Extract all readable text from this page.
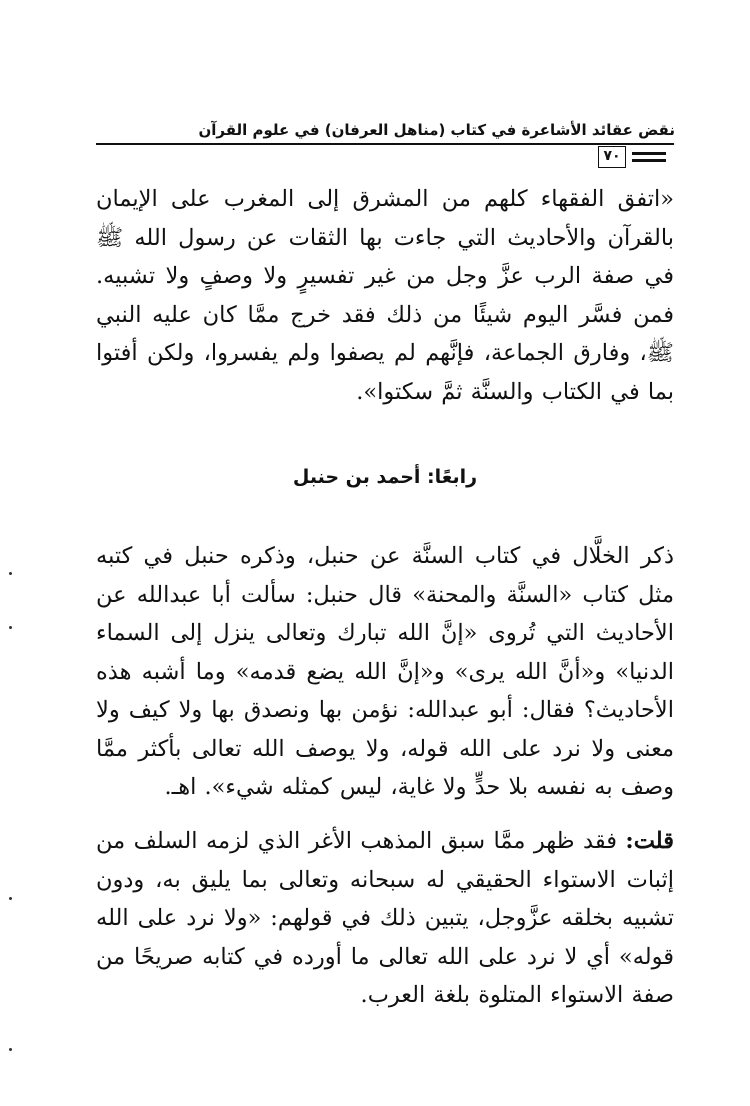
نقض عقائد الأشاعرة في كتاب (مناهل العرفان) في علوم القرآن
٧٠

«اتفق الفقهاء كلهم من المشرق إلى المغرب على الإيمان بالقرآن والأحاديث التي جاءت بها الثقات عن رسول الله ﷺ في صفة الرب عزَّ وجل من غير تفسيرٍ ولا وصفٍ ولا تشبيه. فمن فسَّر اليوم شيئًا من ذلك فقد خرج ممَّا كان عليه النبي ﷺ، وفارق الجماعة، فإنَّهم لم يصفوا ولم يفسروا، ولكن أفتوا بما في الكتاب والسنَّة ثمَّ سكتوا».

رابعًا: أحمد بن حنبل

ذكر الخلَّال في كتاب السنَّة عن حنبل، وذكره حنبل في كتبه مثل كتاب «السنَّة والمحنة» قال حنبل: سألت أبا عبدالله عن الأحاديث التي تُروى «إنَّ الله تبارك وتعالى ينزل إلى السماء الدنيا» و«أنَّ الله يرى» و«إنَّ الله يضع قدمه» وما أشبه هذه الأحاديث؟ فقال: أبو عبدالله: نؤمن بها ونصدق بها ولا كيف ولا معنى ولا نرد على الله قوله، ولا يوصف الله تعالى بأكثر ممَّا وصف به نفسه بلا حدٍّ ولا غاية، ليس كمثله شيء». اهـ.

قلت: فقد ظهر ممَّا سبق المذهب الأغر الذي لزمه السلف من إثبات الاستواء الحقيقي له سبحانه وتعالى بما يليق به، ودون تشبيه بخلقه عزَّوجل، يتبين ذلك في قولهم: «ولا نرد على الله قوله» أي لا نرد على الله تعالى ما أورده في كتابه صريحًا من صفة الاستواء المتلوة بلغة العرب.
